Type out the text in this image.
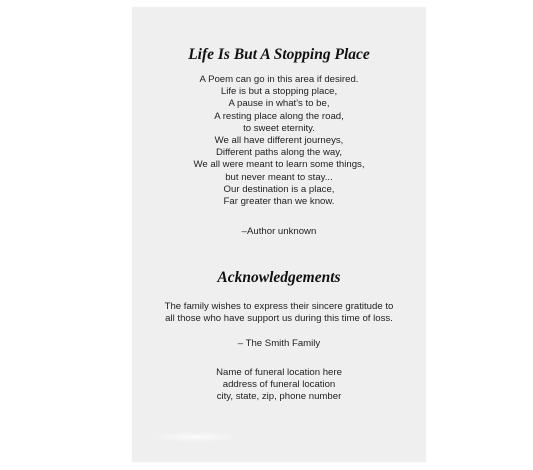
Life Is But A Stopping Place
A Poem can go in this area if desired.
Life is but a stopping place,
A pause in what's to be,
A resting place along the road,
to sweet eternity.
We all have different journeys,
Different paths along the way,
We all were meant to learn some things,
but never meant to stay...
Our destination is a place,
Far greater than we know.
–Author unknown
Acknowledgements
The family wishes to express their sincere gratitude to
all those who have support us during this time of loss.
– The Smith Family
Name of funeral location here
address of funeral location
city, state, zip, phone number
